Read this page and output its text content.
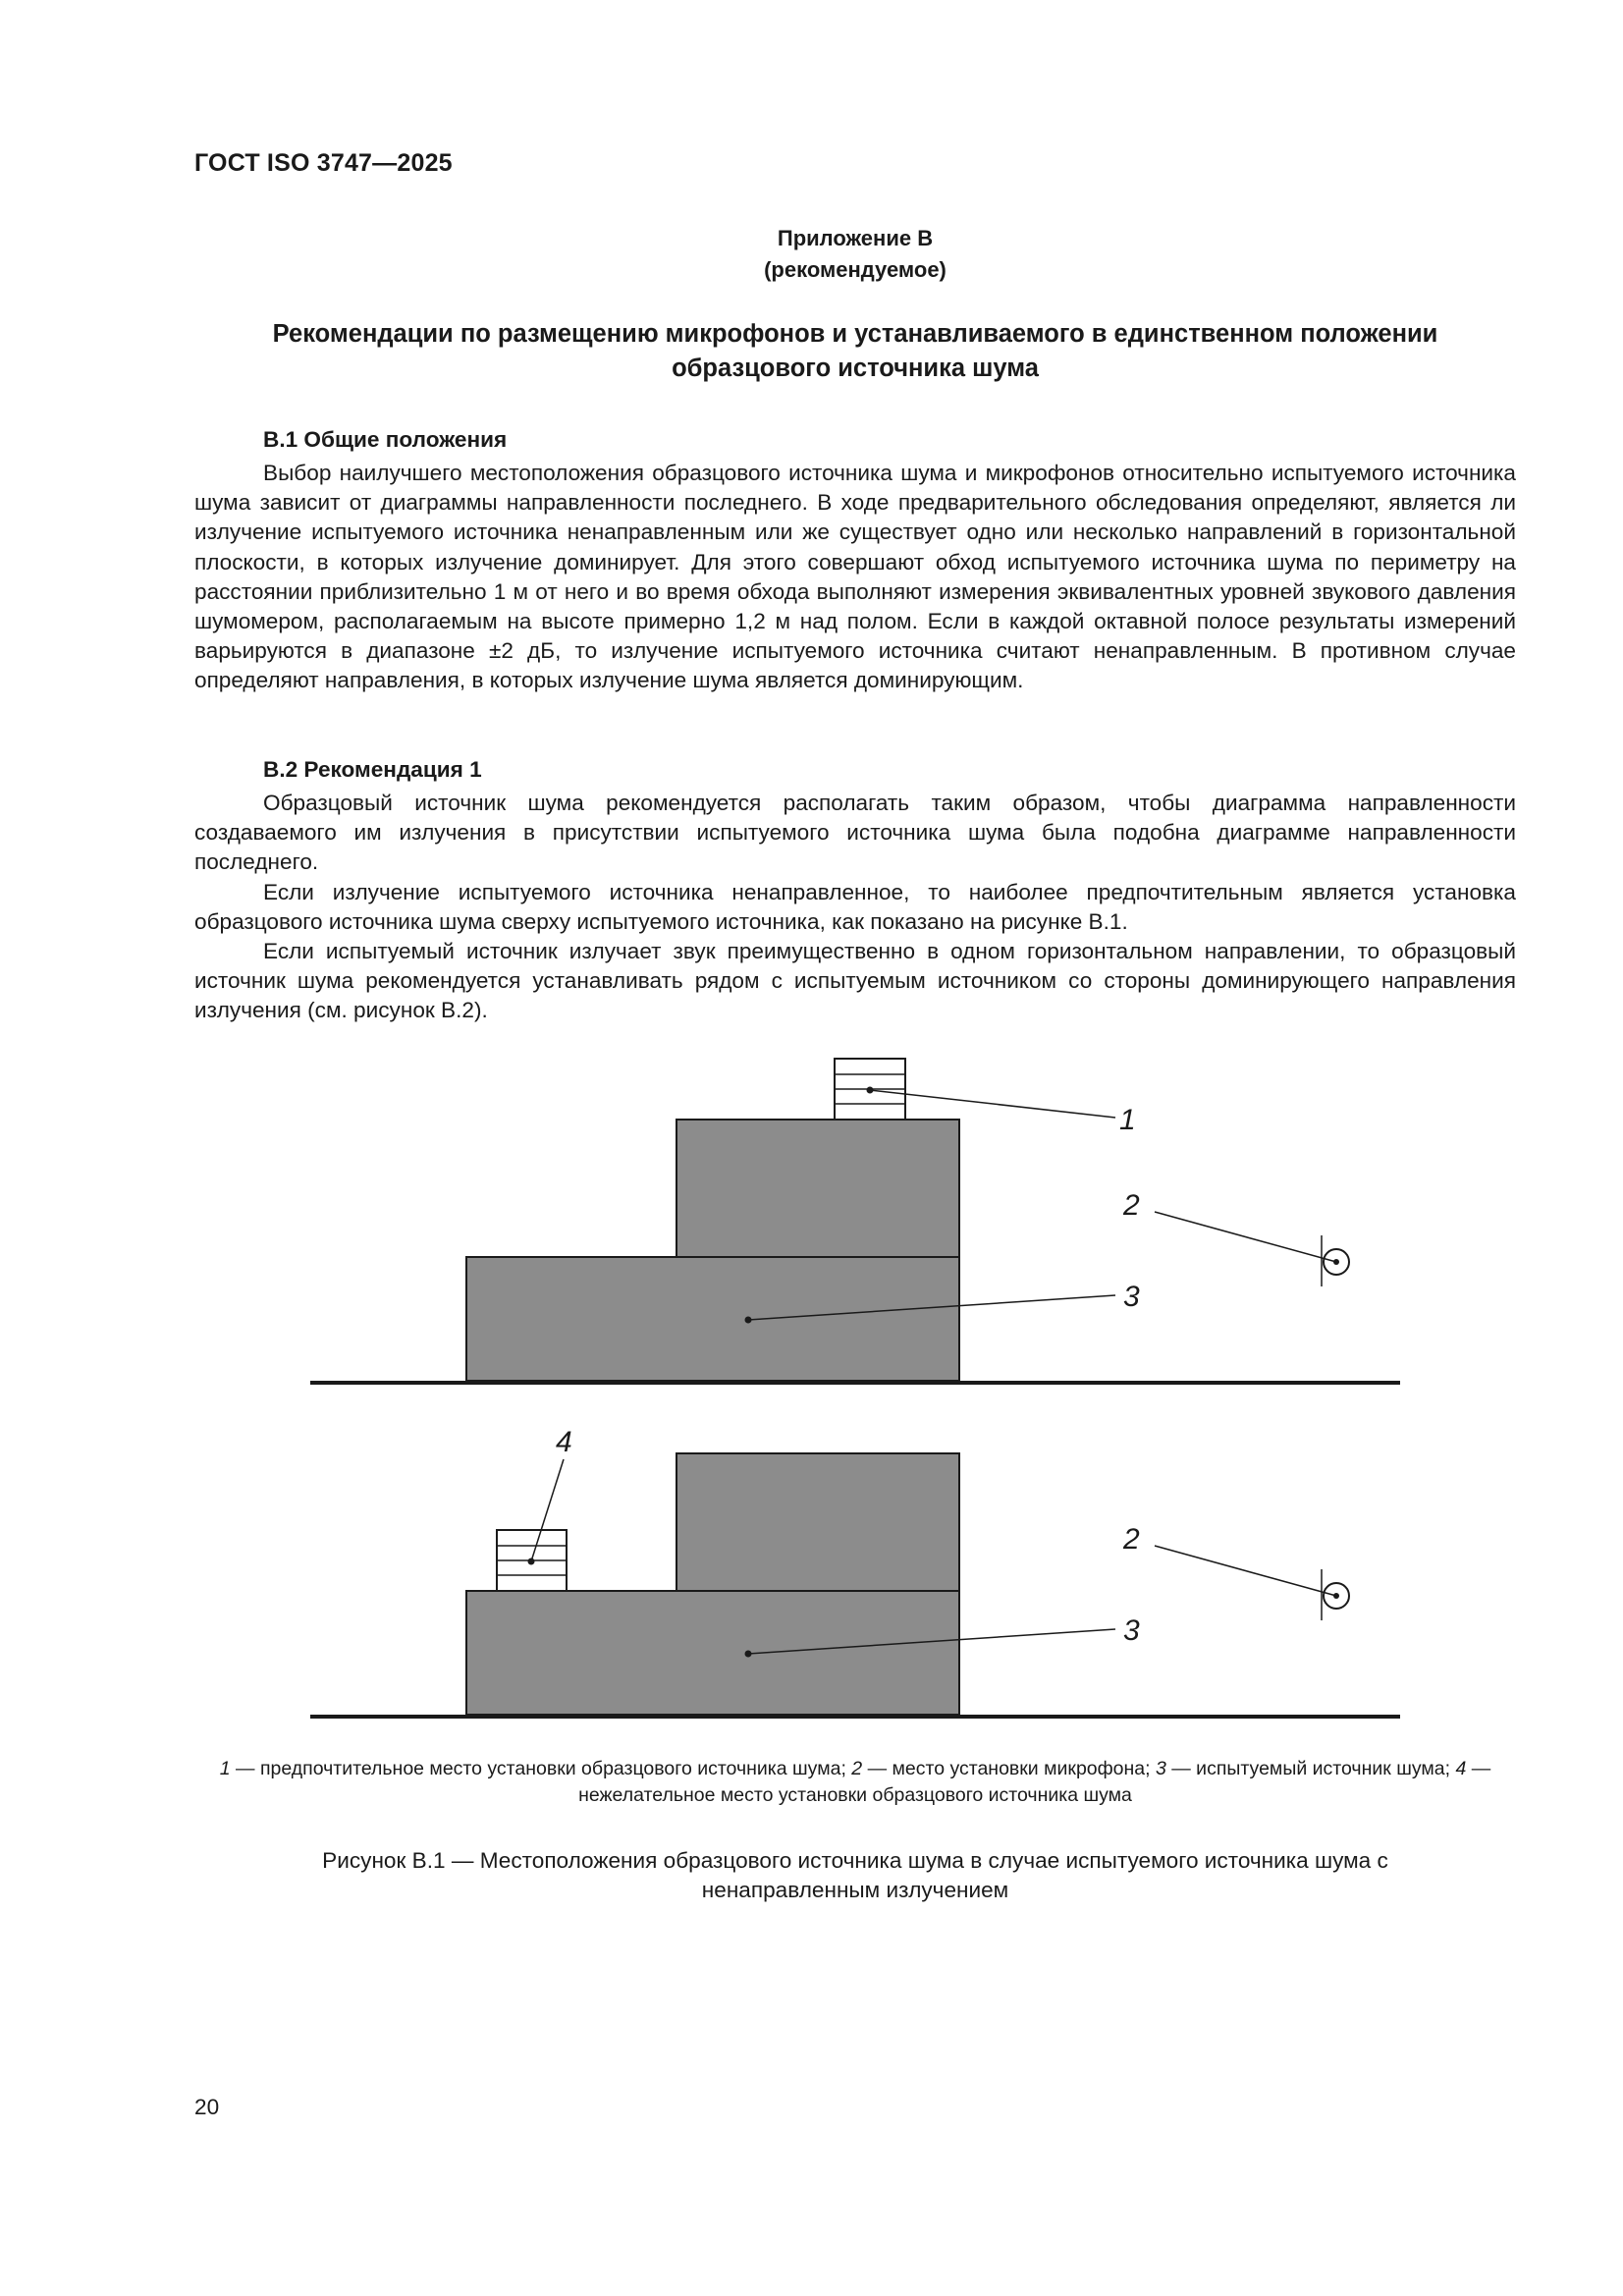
ГОСТ ISO 3747—2025
Приложение В
(рекомендуемое)
Рекомендации по размещению микрофонов и устанавливаемого в единственном положении
образцового источника шума
В.1 Общие положения

Выбор наилучшего местоположения образцового источника шума и микрофонов относительно испытуемого источника шума зависит от диаграммы направленности последнего. В ходе предварительного обследования определяют, является ли излучение испытуемого источника ненаправленным или же существует одно или несколько направлений в горизонтальной плоскости, в которых излучение доминирует. Для этого совершают обход испытуемого источника шума по периметру на расстоянии приблизительно 1 м от него и во время обхода выполняют измерения эквивалентных уровней звукового давления шумомером, располагаемым на высоте примерно 1,2 м над полом. Если в каждой октавной полосе результаты измерений варьируются в диапазоне ±2 дБ, то излучение испытуемого источника считают ненаправленным. В противном случае определяют направления, в которых излучение шума является доминирующим.

В.2 Рекомендация 1

Образцовый источник шума рекомендуется располагать таким образом, чтобы диаграмма направленности создаваемого им излучения в присутствии испытуемого источника шума была подобна диаграмме направленности последнего.

Если излучение испытуемого источника ненаправленное, то наиболее предпочтительным является установка образцового источника шума сверху испытуемого источника, как показано на рисунке В.1.

Если испытуемый источник излучает звук преимущественно в одном горизонтальном направлении, то образцовый источник шума рекомендуется устанавливать рядом с испытуемым источником со стороны доминирующего направления излучения (см. рисунок В.2).

1
2
3
4
2
3
1 — предпочтительное место установки образцового источника шума; 2 — место установки микрофона; 3 — испытуемый источник шума; 4 — нежелательное место установки образцового источника шума
Рисунок В.1 — Местоположения образцового источника шума в случае испытуемого источника шума с ненаправленным излучением
20
